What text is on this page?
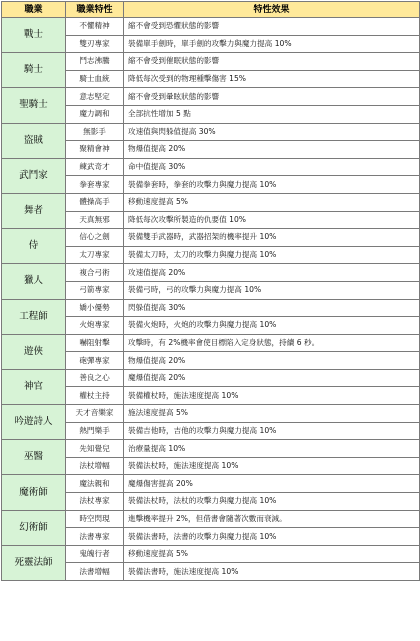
職業	職業特性	特性效果
戰士	不懼精神	縮不會受到恐懼狀態的影響
	雙刃專家	裝備單手劍時，單手劍的攻擊力與魔力提高 10%
騎士	鬥志沸騰	縮不會受到催眠狀態的影響
	騎士血統	降低每次受到的物理種擊傷害 15%
聖騎士	意志堅定	縮不會受到暈眩狀態的影響
	魔力調和	全部抗性增加 5 點
盜賊	無影手	攻速值與閃躲值提高 30%
	聚精會神	物爆值提高 20%
武鬥家	練武奇才	命中值提高 30%
	拳套專家	裝備拳套時，拳套的攻擊力與魔力提高 10%
舞者	體操高手	移動速度提高 5%
	天真無邪	降低每次攻擊所製造的仇要值 10%
侍	信心之劍	裝備雙手武器時，武器招架的機率提升 10%
	太刀專家	裝備太刀時，太刀的攻擊力與魔力提高 10%
獵人	複合弓術	攻速值提高 20%
	弓箭專家	裝備弓時，弓的攻擊力與魔力提高 10%
工程師	嬌小優勢	閃躲值提高 30%
	火炮專家	裝備火炮時，火炮的攻擊力與魔力提高 10%
遊俠	嚇阻射擊	攻擊時，有 2%機率會使目標陷入定身狀態，持續 6 秒。
	砲彈專家	物爆值提高 20%
神官	善良之心	魔爆值提高 20%
	權杖主持	裝備權杖時，施法速度提高 10%
吟遊詩人	天才音樂家	施法速度提高 5%
	熱門樂手	裝備吉他時，吉他的攻擊力與魔力提高 10%
巫醫	先知覺兒	治療量提高 10%
	法杖增幅	裝備法杖時，施法速度提高 10%
魔術師	魔法親和	魔爆傷害提高 20%
	法杖專家	裝備法杖時，法杖的攻擊力與魔力提高 10%
幻術師	時空閃現	進擊機率提升 2%，但借書會隨著次數而衰減。
	法書專家	裝備法書時，法書的攻擊力與魔力提高 10%
死靈法師	鬼魄行者	移動速度提高 5%
	法書增幅	裝備法書時，施法速度提高 10%
